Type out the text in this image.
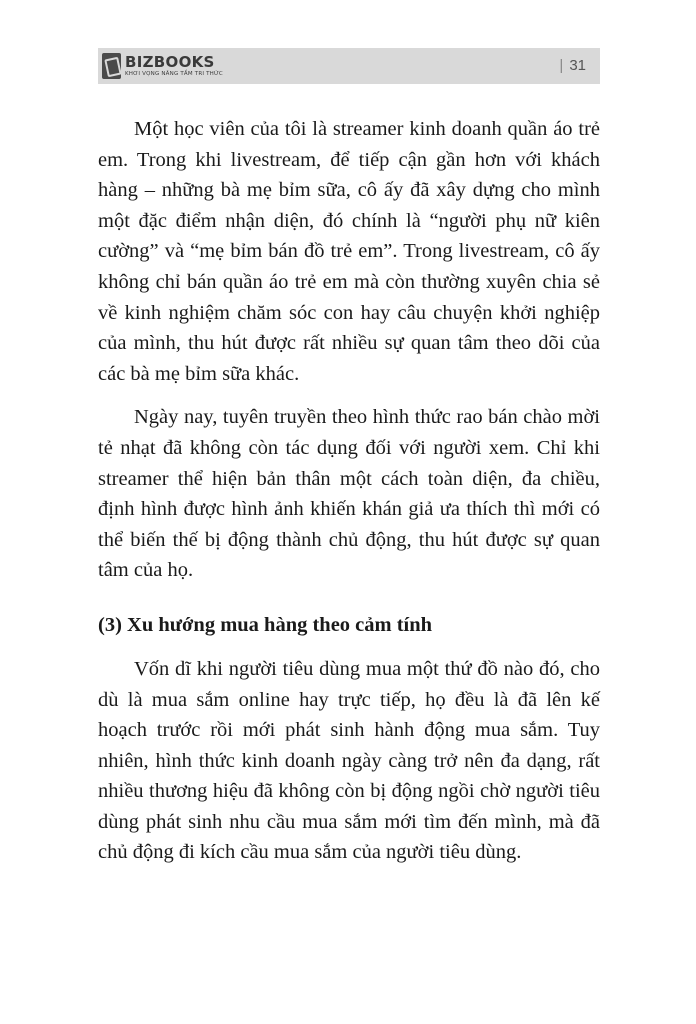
BIZBOOKS
KHƠI VỌNG NĂNG TẦM TRI THỨC	| 31

Một học viên của tôi là streamer kinh doanh quần áo trẻ em. Trong khi livestream, để tiếp cận gần hơn với khách hàng – những bà mẹ bỉm sữa, cô ấy đã xây dựng cho mình một đặc điểm nhận diện, đó chính là “người phụ nữ kiên cường” và “mẹ bỉm bán đồ trẻ em”. Trong livestream, cô ấy không chỉ bán quần áo trẻ em mà còn thường xuyên chia sẻ về kinh nghiệm chăm sóc con hay câu chuyện khởi nghiệp của mình, thu hút được rất nhiều sự quan tâm theo dõi của các bà mẹ bỉm sữa khác.

Ngày nay, tuyên truyền theo hình thức rao bán chào mời tẻ nhạt đã không còn tác dụng đối với người xem. Chỉ khi streamer thể hiện bản thân một cách toàn diện, đa chiều, định hình được hình ảnh khiến khán giả ưa thích thì mới có thể biến thế bị động thành chủ động, thu hút được sự quan tâm của họ.

(3) Xu hướng mua hàng theo cảm tính

Vốn dĩ khi người tiêu dùng mua một thứ đồ nào đó, cho dù là mua sắm online hay trực tiếp, họ đều là đã lên kế hoạch trước rồi mới phát sinh hành động mua sắm. Tuy nhiên, hình thức kinh doanh ngày càng trở nên đa dạng, rất nhiều thương hiệu đã không còn bị động ngồi chờ người tiêu dùng phát sinh nhu cầu mua sắm mới tìm đến mình, mà đã chủ động đi kích cầu mua sắm của người tiêu dùng.
